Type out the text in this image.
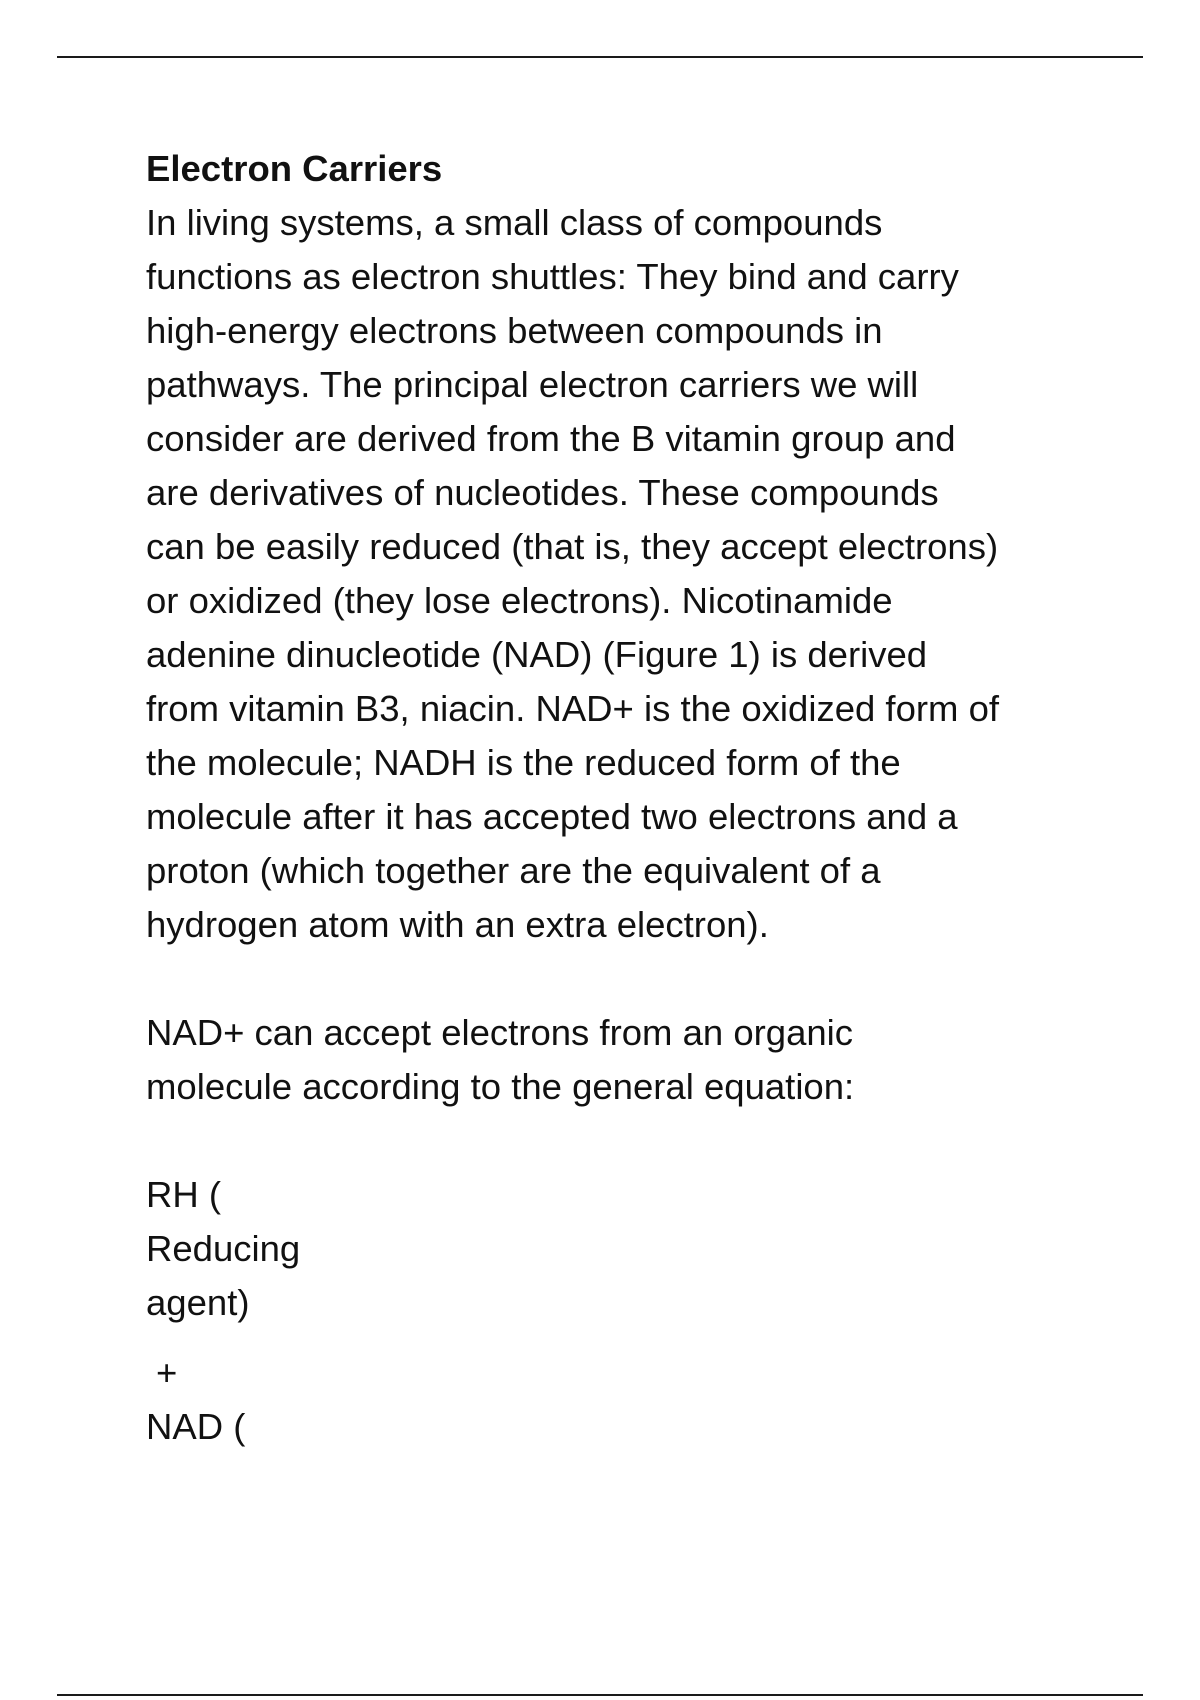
Electron Carriers

In living systems, a small class of compounds
functions as electron shuttles: They bind and carry
high-energy electrons between compounds in
pathways. The principal electron carriers we will
consider are derived from the B vitamin group and
are derivatives of nucleotides. These compounds
can be easily reduced (that is, they accept electrons)
or oxidized (they lose electrons). Nicotinamide
adenine dinucleotide (NAD) (Figure 1) is derived
from vitamin B3, niacin. NAD+ is the oxidized form of
the molecule; NADH is the reduced form of the
molecule after it has accepted two electrons and a
proton (which together are the equivalent of a
hydrogen atom with an extra electron).

NAD+ can accept electrons from an organic
molecule according to the general equation:

RH (
Reducing
agent)
+
NAD (
